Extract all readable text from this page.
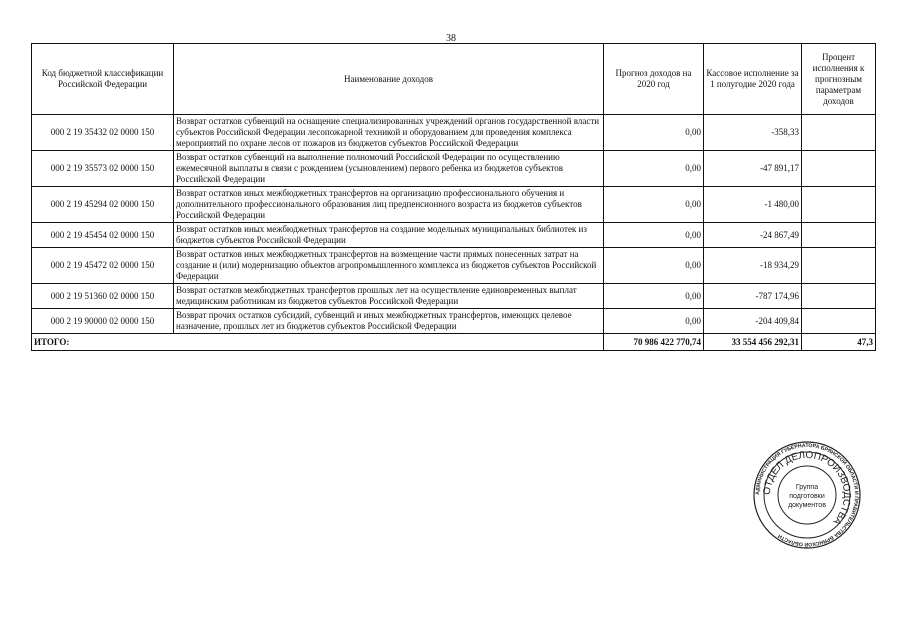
38
Код бюджетной классификации Российской Федерации	Наименование доходов	Прогноз доходов на 2020 год	Кассовое исполнение за 1 полугодие 2020 года	Процент исполнения к прогнозным параметрам доходов
000 2 19 35432 02 0000 150	Возврат остатков субвенций на оснащение специализированных учреждений органов государственной власти субъектов Российской Федерации лесопожарной техникой и оборудованием для проведения комплекса мероприятий по охране лесов от пожаров из бюджетов субъектов Российской Федерации	0,00	-358,33	
000 2 19 35573 02 0000 150	Возврат остатков субвенций на выполнение полномочий Российской Федерации по осуществлению ежемесячной выплаты в связи с рождением (усыновлением) первого ребенка из бюджетов субъектов Российской Федерации	0,00	-47 891,17	
000 2 19 45294 02 0000 150	Возврат остатков иных межбюджетных трансфертов на организацию профессионального обучения и дополнительного профессионального образования лиц предпенсионного возраста из бюджетов субъектов Российской Федерации	0,00	-1 480,00	
000 2 19 45454 02 0000 150	Возврат остатков иных межбюджетных трансфертов на создание модельных муниципальных библиотек из бюджетов субъектов Российской Федерации	0,00	-24 867,49	
000 2 19 45472 02 0000 150	Возврат остатков иных межбюджетных трансфертов на возмещение части прямых понесенных затрат на создание и (или) модернизацию объектов агропромышленного комплекса из бюджетов субъектов Российской Федерации	0,00	-18 934,29	
000 2 19 51360 02 0000 150	Возврат остатков межбюджетных трансфертов прошлых лет на осуществление единовременных выплат медицинским работникам из бюджетов субъектов Российской Федерации	0,00	-787 174,96	
000 2 19 90000 02 0000 150	Возврат прочих остатков субсидий, субвенций и иных межбюджетных трансфертов, имеющих целевое назначение, прошлых лет из бюджетов субъектов Российской Федерации	0,00	-204 409,84	
ИТОГО:		70 986 422 770,74	33 554 456 292,31	47,3
АДМИНИСТРАЦИЯ ГУБЕРНАТОРА БРЯНСКОЙ ОБЛАСТИ И ПРАВИТЕЛЬСТВА БРЯНСКОЙ ОБЛАСТИ
ОТДЕЛ ДЕЛОПРОИЗВОДСТВА
Группа
подготовки
документов
